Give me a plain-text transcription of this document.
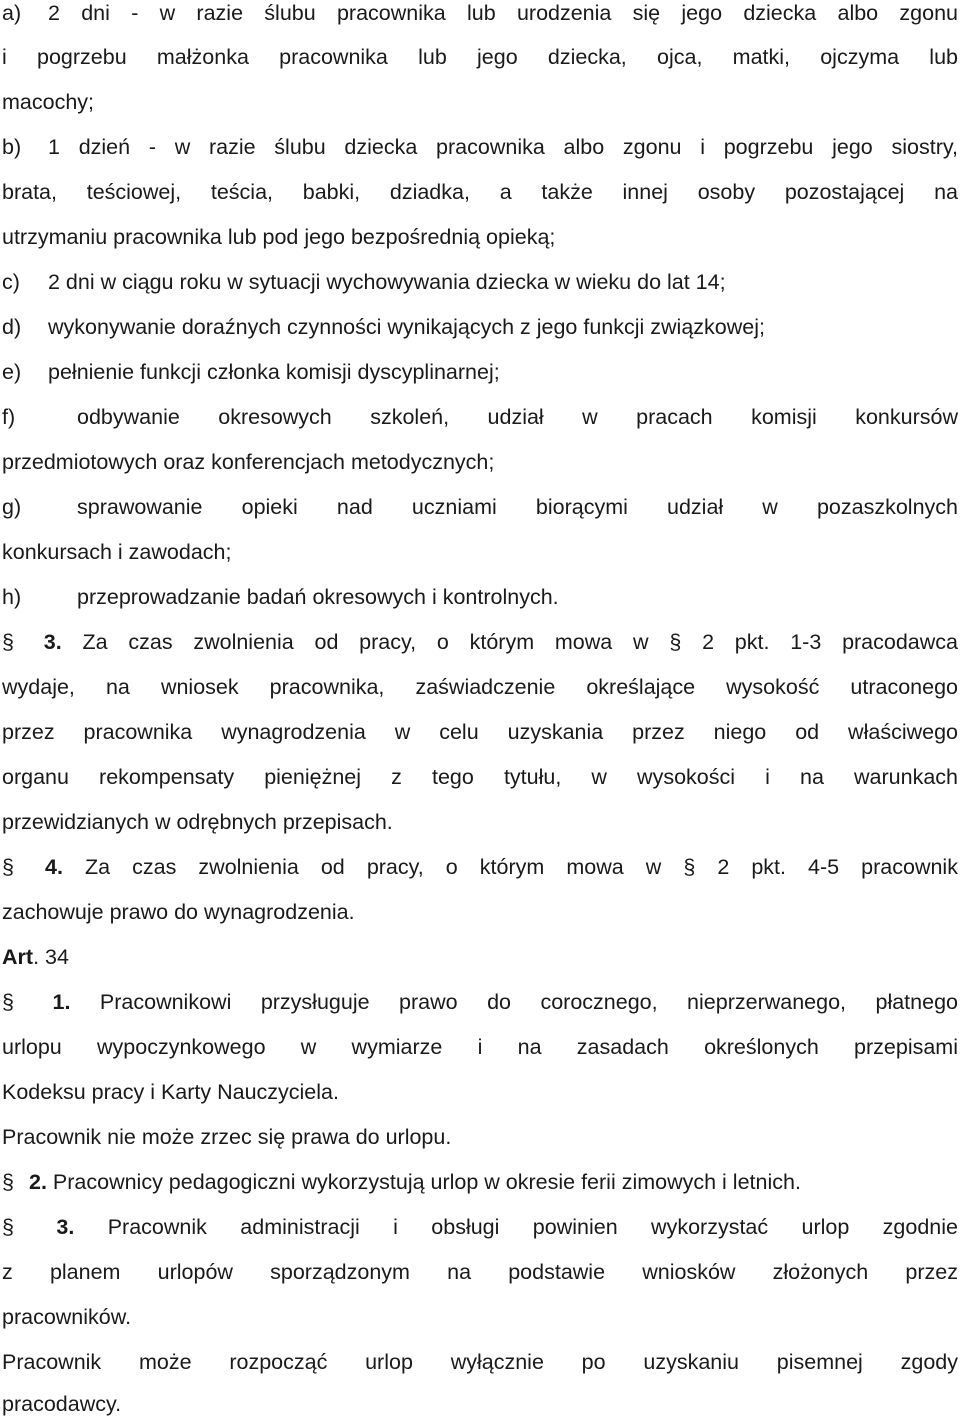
a) 2 dni - w razie ślubu pracownika lub urodzenia się jego dziecka albo zgonu
i pogrzebu małżonka pracownika lub jego dziecka, ojca, matki, ojczyma lub
macochy;
b) 1 dzień - w razie ślubu dziecka pracownika albo zgonu i pogrzebu jego siostry,
brata, teściowej, teścia, babki, dziadka, a także innej osoby pozostającej na
utrzymaniu pracownika lub pod jego bezpośrednią opieką;
c) 2 dni w ciągu roku w sytuacji wychowywania dziecka w wieku do lat 14;
d) wykonywanie doraźnych czynności wynikających z jego funkcji związkowej;
e) pełnienie funkcji członka komisji dyscyplinarnej;
f)	odbywanie okresowych szkoleń, udział w pracach komisji konkursów
przedmiotowych oraz konferencjach metodycznych;
g)	sprawowanie opieki nad uczniami biorącymi udział w pozaszkolnych
konkursach i zawodach;
h)	przeprowadzanie badań okresowych i kontrolnych.
§ 3. Za czas zwolnienia od pracy, o którym mowa w § 2 pkt. 1-3 pracodawca
wydaje, na wniosek pracownika, zaświadczenie określające wysokość utraconego
przez pracownika wynagrodzenia w celu uzyskania przez niego od właściwego
organu rekompensaty pieniężnej z tego tytułu, w wysokości i na warunkach
przewidzianych w odrębnych przepisach.
§ 4. Za czas zwolnienia od pracy, o którym mowa w § 2 pkt. 4-5 pracownik
zachowuje prawo do wynagrodzenia.
Art. 34
§ 1. Pracownikowi przysługuje prawo do corocznego, nieprzerwanego, płatnego
urlopu wypoczynkowego w wymiarze i na zasadach określonych przepisami
Kodeksu pracy i Karty Nauczyciela.
Pracownik nie może zrzec się prawa do urlopu.
§ 2. Pracownicy pedagogiczni wykorzystują urlop w okresie ferii zimowych i letnich.
§ 3. Pracownik administracji i obsługi powinien wykorzystać urlop zgodnie
z planem urlopów sporządzonym na podstawie wniosków złożonych przez
pracowników.
Pracownik może rozpocząć urlop wyłącznie po uzyskaniu pisemnej zgody
pracodawcy.
